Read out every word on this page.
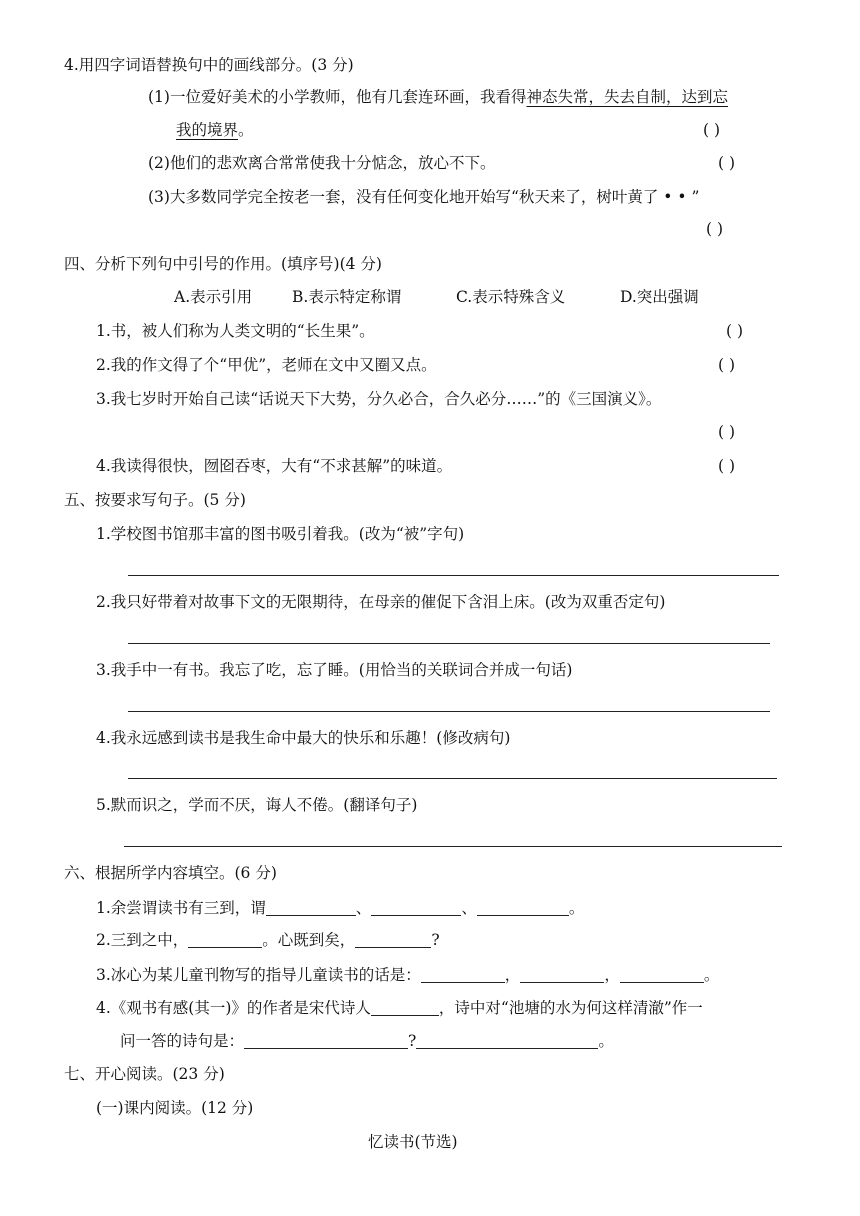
4.用四字词语替换句中的画线部分。(3 分)
(1)一位爱好美术的小学教师，他有几套连环画，我看得神态失常，失去自制，达到忘
我的境界。	( )
(2)他们的悲欢离合常常使我十分惦念，放心不下。	( )
(3)大多数同学完全按老一套，没有任何变化地开始写“秋天来了，树叶黄了 • • ”
( )
四、分析下列句中引号的作用。(填序号)(4 分)
A.表示引用	B.表示特定称谓	C.表示特殊含义	D.突出强调
1.书，被人们称为人类文明的“长生果”。	( )
2.我的作文得了个“甲优”，老师在文中又圈又点。	( )
3.我七岁时开始自己读“话说天下大势，分久必合，合久必分……”的《三国演义》。
( )
4.我读得很快，囫囵吞枣，大有“不求甚解”的味道。	( )
五、按要求写句子。(5 分)
1.学校图书馆那丰富的图书吸引着我。(改为“被”字句)
2.我只好带着对故事下文的无限期待，在母亲的催促下含泪上床。(改为双重否定句)
3.我手中一有书。我忘了吃，忘了睡。(用恰当的关联词合并成一句话)
4.我永远感到读书是我生命中最大的快乐和乐趣！(修改病句)
5.默而识之，学而不厌，诲人不倦。(翻译句子)
六、根据所学内容填空。(6 分)
1.余尝谓读书有三到，谓	、	、	。
2.三到之中，	。心既到矣，	?
3.冰心为某儿童刊物写的指导儿童读书的话是：	，	，	。
4.《观书有感(其一)》的作者是宋代诗人	，诗中对“池塘的水为何这样清澈”作一
问一答的诗句是：	?	。
七、开心阅读。(23 分)
(一)课内阅读。(12 分)
忆读书(节选)
